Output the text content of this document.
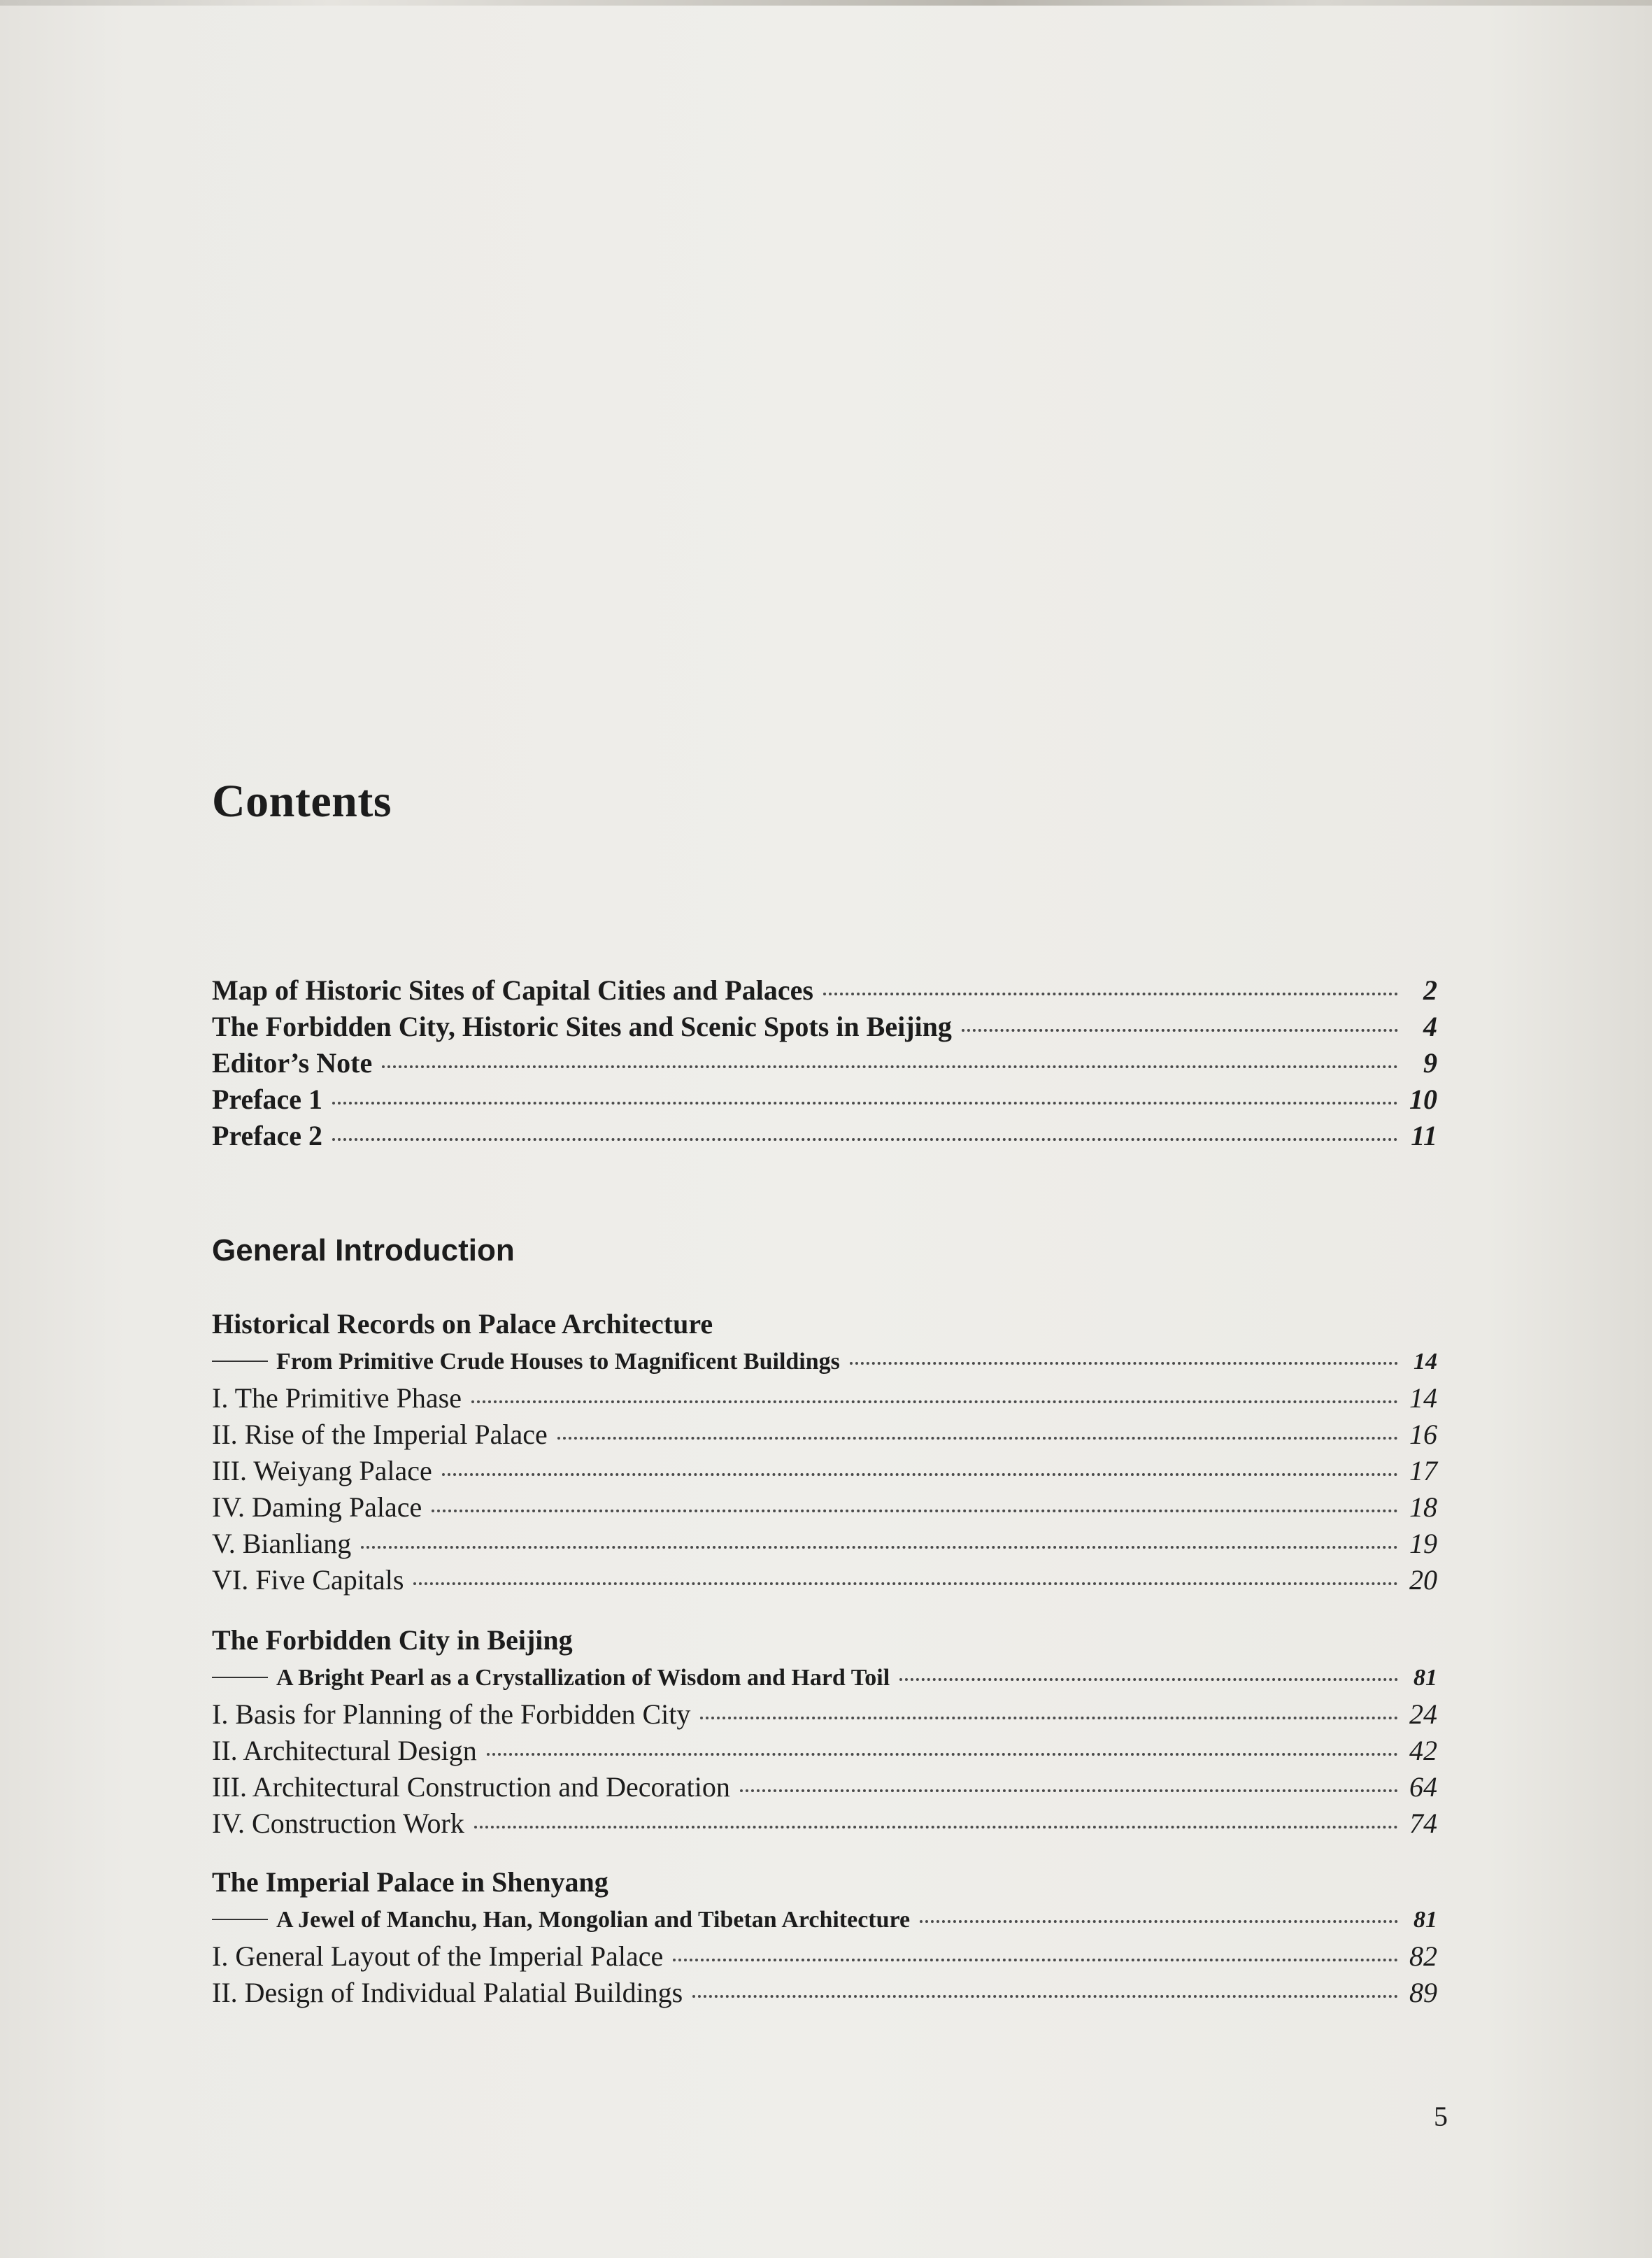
Contents
Map of Historic Sites of Capital Cities and Palaces	2
The Forbidden City, Historic Sites and Scenic Spots in Beijing	4
Editor’s Note	9
Preface 1	10
Preface 2	11
General Introduction
Historical Records on Palace Architecture
From Primitive Crude Houses to Magnificent Buildings	14
I. The Primitive Phase	14
II. Rise of the Imperial Palace	16
III. Weiyang Palace	17
IV. Daming Palace	18
V. Bianliang	19
VI. Five Capitals	20
The Forbidden City in Beijing
A Bright Pearl as a Crystallization of Wisdom and Hard Toil	81
I. Basis for Planning of the Forbidden City	24
II. Architectural Design	42
III. Architectural Construction and Decoration	64
IV. Construction Work	74
The Imperial Palace in Shenyang
A Jewel of Manchu, Han, Mongolian and Tibetan Architecture	81
I. General Layout of the Imperial Palace	82
II. Design of Individual Palatial Buildings	89
5
